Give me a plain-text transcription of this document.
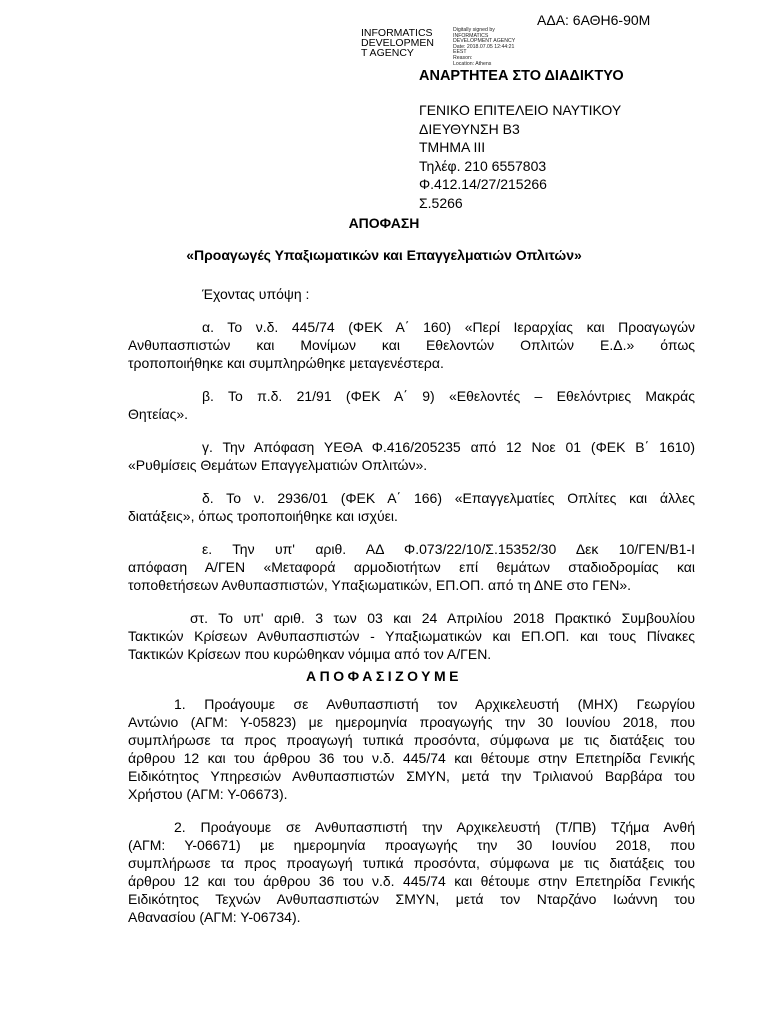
ΑΔΑ: 6ΑΘΗ6-90Μ
INFORMATICS
DEVELOPMEN
T AGENCY
Digitally signed by
INFORMATICS
DEVELOPMENT AGENCY
Date: 2018.07.05 12:44:21
EEST
Reason:
Location: Athens
ΑΝΑΡΤΗΤΕΑ ΣΤΟ ΔΙΑΔΙΚΤΥΟ
ΓΕΝΙΚΟ ΕΠΙΤΕΛΕΙΟ ΝΑΥΤΙΚΟΥ
ΔΙΕΥΘΥΝΣΗ Β3
ΤΜΗΜΑ ΙΙΙ
Τηλέφ. 210 6557803
Φ.412.14/27/215266
Σ.5266
ΑΠΟΦΑΣΗ
«Προαγωγές Υπαξιωματικών και Επαγγελματιών Οπλιτών»
Έχοντας υπόψη :
α. Το ν.δ. 445/74 (ΦΕΚ Α΄ 160) «Περί Ιεραρχίας και Προαγωγών
Ανθυπασπιστών και Μονίμων και Εθελοντών Οπλιτών Ε.Δ.» όπως
τροποποιήθηκε και συμπληρώθηκε μεταγενέστερα.
β. Το π.δ. 21/91 (ΦΕΚ Α΄ 9) «Εθελοντές – Εθελόντριες Μακράς
Θητείας».
γ. Την Απόφαση ΥΕΘΑ Φ.416/205235 από 12 Νοε 01 (ΦΕΚ Β΄ 1610)
«Ρυθμίσεις Θεμάτων Επαγγελματιών Οπλιτών».
δ. Το ν. 2936/01 (ΦΕΚ Α΄ 166) «Επαγγελματίες Οπλίτες και άλλες
διατάξεις», όπως τροποποιήθηκε και ισχύει.
ε. Την υπ' αριθ. ΑΔ Φ.073/22/10/Σ.15352/30 Δεκ 10/ΓΕΝ/Β1-Ι
απόφαση Α/ΓΕΝ «Μεταφορά αρμοδιοτήτων επί θεμάτων σταδιοδρομίας και
τοποθετήσεων Ανθυπασπιστών, Υπαξιωματικών, ΕΠ.ΟΠ. από τη ΔΝΕ στο ΓΕΝ».
στ. Το υπ' αριθ. 3 των 03 και 24 Απριλίου 2018 Πρακτικό Συμβουλίου
Τακτικών Κρίσεων Ανθυπασπιστών - Υπαξιωματικών και ΕΠ.ΟΠ. και τους Πίνακες
Τακτικών Κρίσεων που κυρώθηκαν νόμιμα από τον Α/ΓΕΝ.
ΑΠΟΦΑΣΙΖΟΥΜΕ
1. Προάγουμε σε Ανθυπασπιστή τον Αρχικελευστή (ΜΗΧ) Γεωργίου
Αντώνιο (ΑΓΜ: Υ-05823) με ημερομηνία προαγωγής την 30 Ιουνίου 2018, που
συμπλήρωσε τα προς προαγωγή τυπικά προσόντα, σύμφωνα με τις διατάξεις του
άρθρου 12 και του άρθρου 36 του ν.δ. 445/74 και θέτουμε στην Επετηρίδα Γενικής
Ειδικότητος Υπηρεσιών Ανθυπασπιστών ΣΜΥΝ, μετά την Τριλιανού Βαρβάρα του
Χρήστου (ΑΓΜ: Υ-06673).
2. Προάγουμε σε Ανθυπασπιστή την Αρχικελευστή (Τ/ΠΒ) Τζήμα Ανθή
(ΑΓΜ: Υ-06671) με ημερομηνία προαγωγής την 30 Ιουνίου 2018, που
συμπλήρωσε τα προς προαγωγή τυπικά προσόντα, σύμφωνα με τις διατάξεις του
άρθρου 12 και του άρθρου 36 του ν.δ. 445/74 και θέτουμε στην Επετηρίδα Γενικής
Ειδικότητος Τεχνών Ανθυπασπιστών ΣΜΥΝ, μετά τον Νταρζάνο Ιωάννη του
Αθανασίου (ΑΓΜ: Υ-06734).
